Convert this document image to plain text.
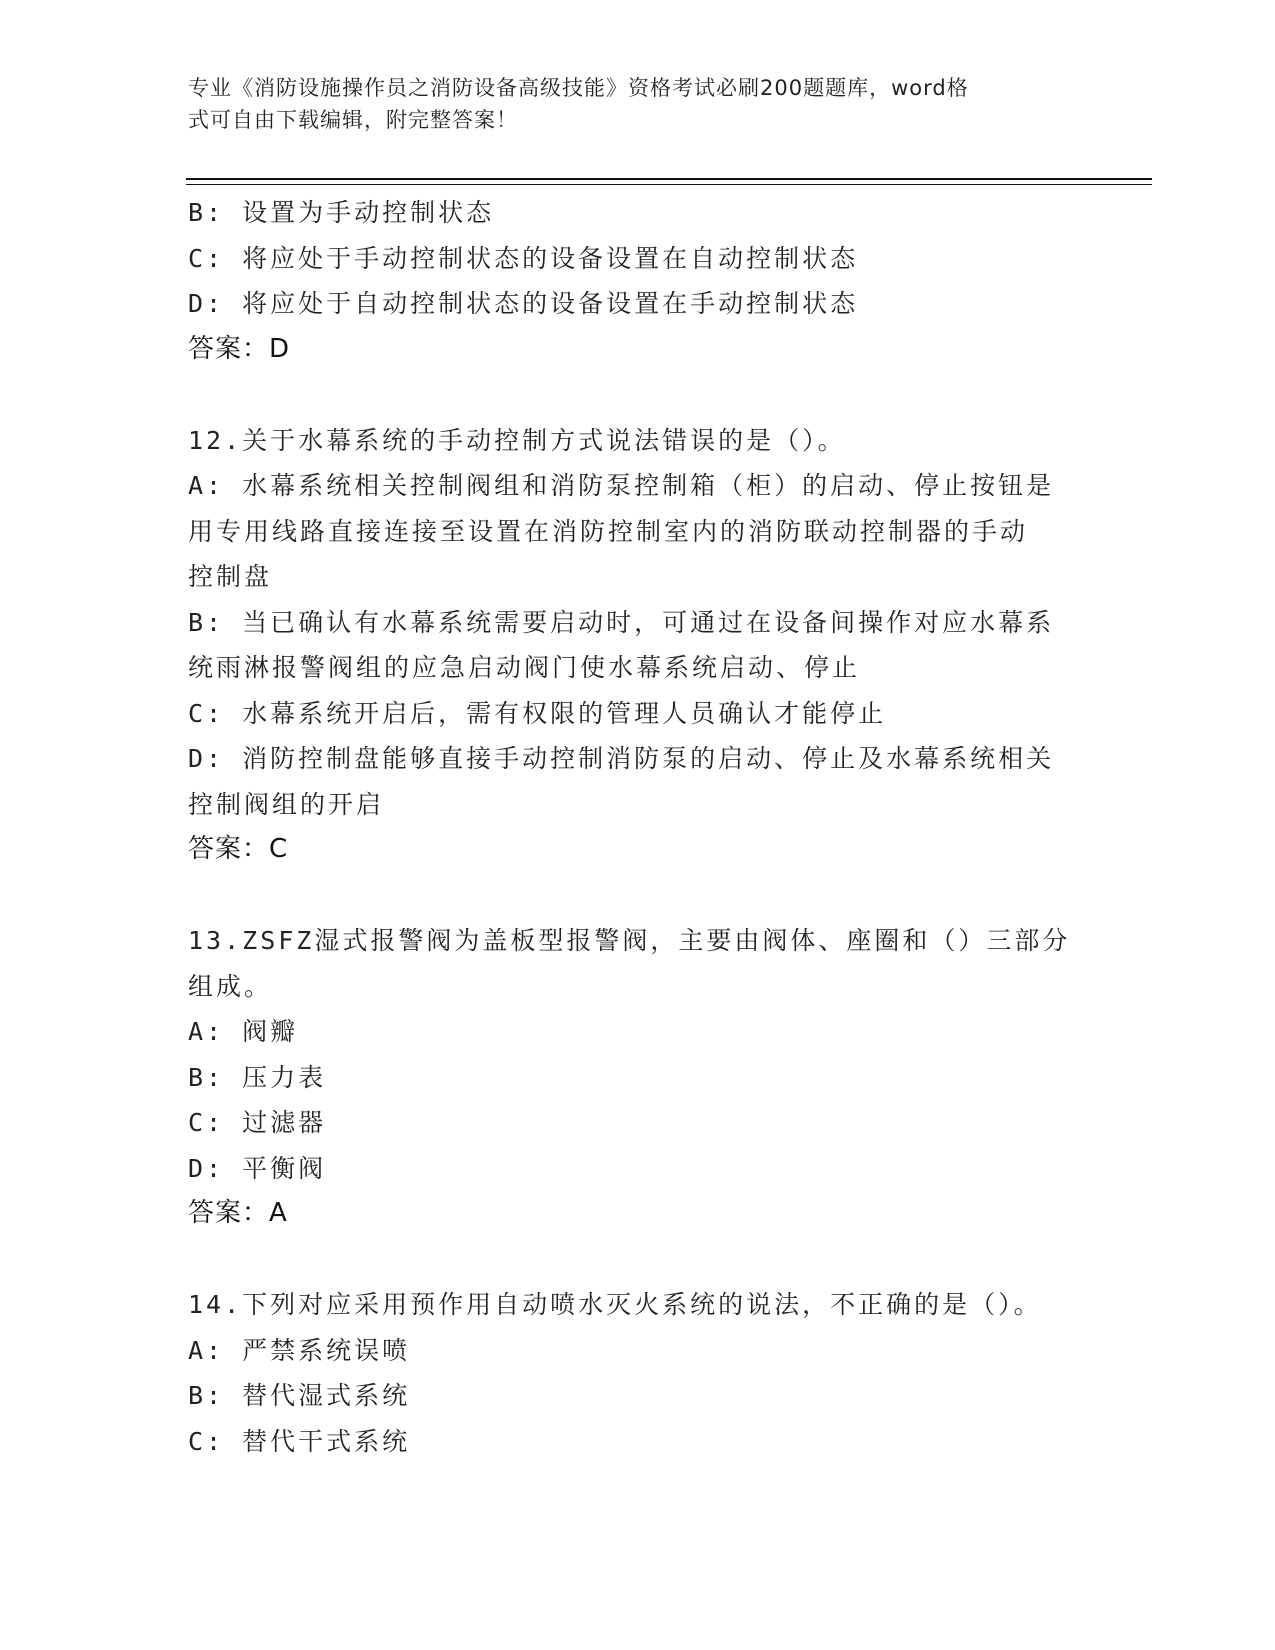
专业《消防设施操作员之消防设备高级技能》资格考试必刷200题题库，word格
式可自由下载编辑，附完整答案！
B: 设置为手动控制状态
C: 将应处于手动控制状态的设备设置在自动控制状态
D: 将应处于自动控制状态的设备设置在手动控制状态
答案：D
12.关于水幕系统的手动控制方式说法错误的是（）。
A: 水幕系统相关控制阀组和消防泵控制箱（柜）的启动、停止按钮是
用专用线路直接连接至设置在消防控制室内的消防联动控制器的手动
控制盘
B: 当已确认有水幕系统需要启动时，可通过在设备间操作对应水幕系
统雨淋报警阀组的应急启动阀门使水幕系统启动、停止
C: 水幕系统开启后，需有权限的管理人员确认才能停止
D: 消防控制盘能够直接手动控制消防泵的启动、停止及水幕系统相关
控制阀组的开启
答案：C
13.ZSFZ湿式报警阀为盖板型报警阀，主要由阀体、座圈和（）三部分
组成。
A: 阀瓣
B: 压力表
C: 过滤器
D: 平衡阀
答案：A
14.下列对应采用预作用自动喷水灭火系统的说法，不正确的是（）。
A: 严禁系统误喷
B: 替代湿式系统
C: 替代干式系统
